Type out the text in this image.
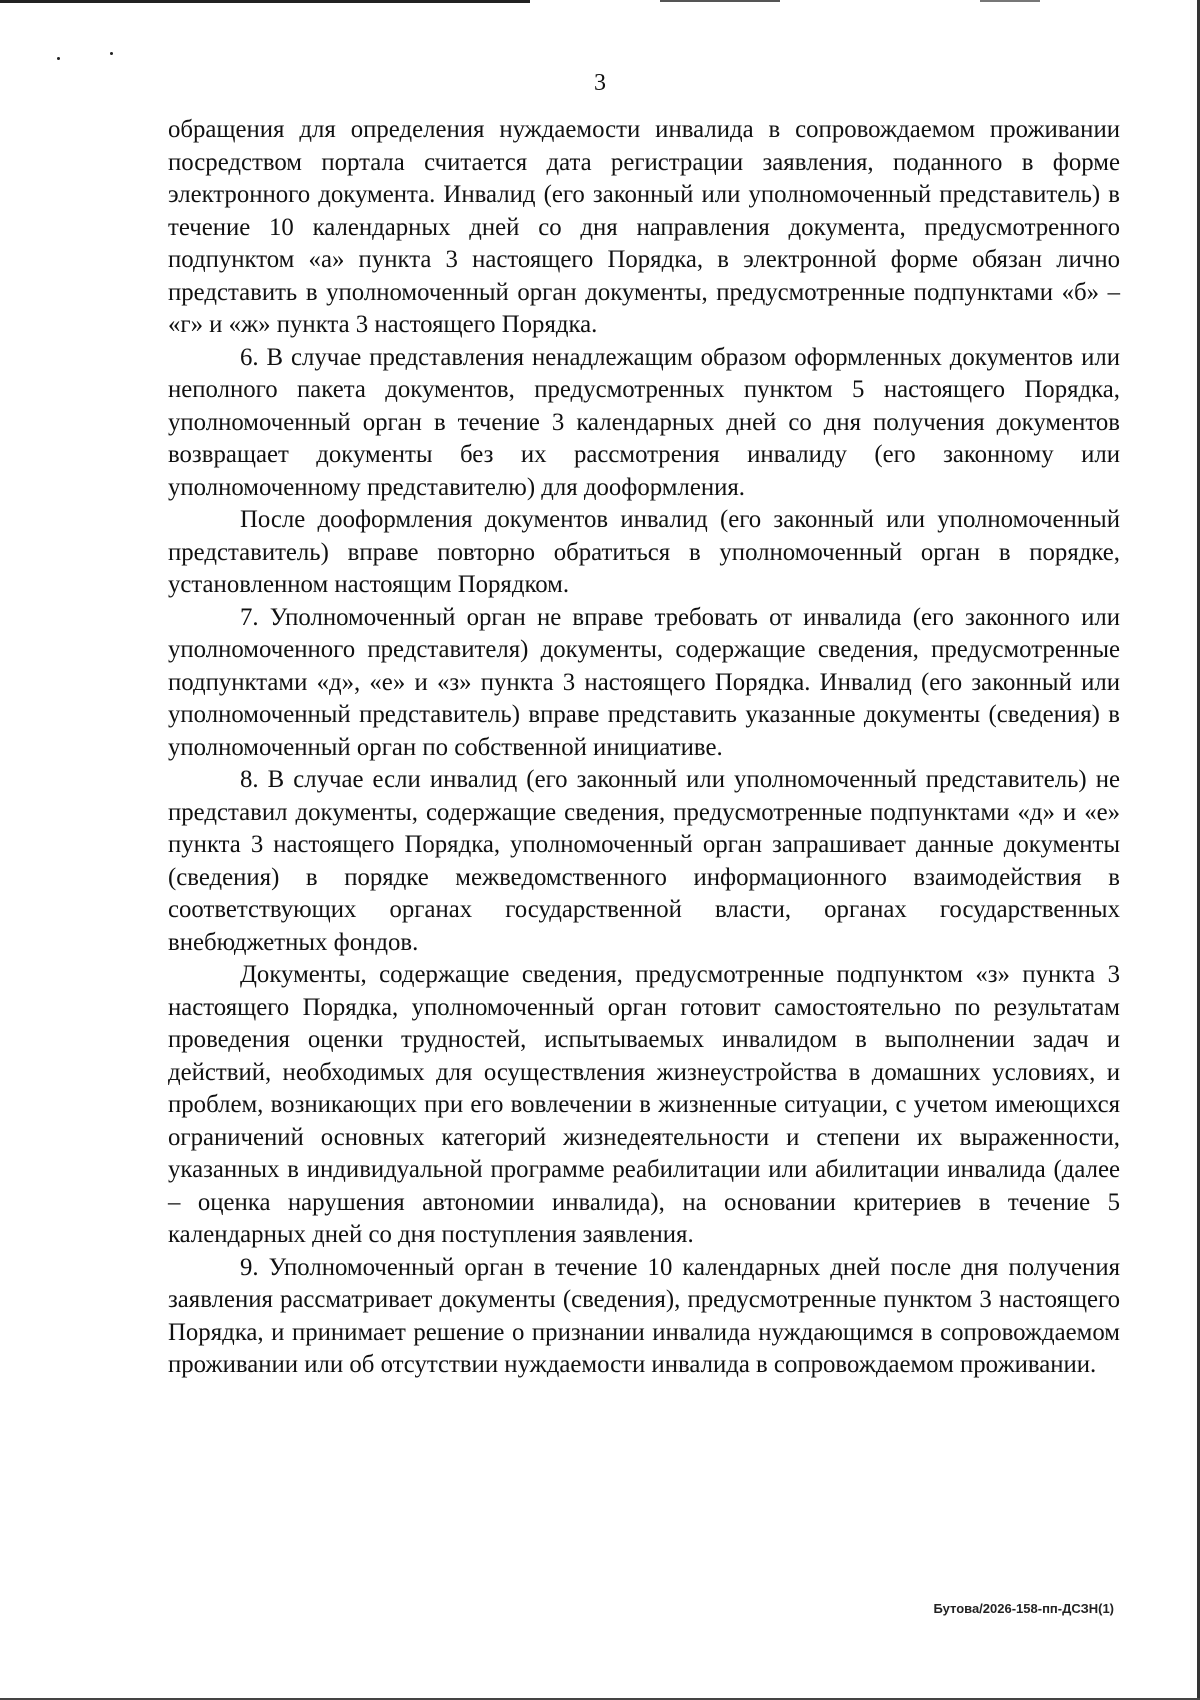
3

обращения для определения нуждаемости инвалида в сопровождаемом проживании посредством портала считается дата регистрации заявления, поданного в форме электронного документа. Инвалид (его законный или уполномоченный представитель) в течение 10 календарных дней со дня направления документа, предусмотренного подпунктом «а» пункта 3 настоящего Порядка, в электронной форме обязан лично представить в уполномоченный орган документы, предусмотренные подпунктами «б» – «г» и «ж» пункта 3 настоящего Порядка.

6. В случае представления ненадлежащим образом оформленных документов или неполного пакета документов, предусмотренных пунктом 5 настоящего Порядка, уполномоченный орган в течение 3 календарных дней со дня получения документов возвращает документы без их рассмотрения инвалиду (его законному или уполномоченному представителю) для дооформления.

После дооформления документов инвалид (его законный или уполномоченный представитель) вправе повторно обратиться в уполномоченный орган в порядке, установленном настоящим Порядком.

7. Уполномоченный орган не вправе требовать от инвалида (его законного или уполномоченного представителя) документы, содержащие сведения, предусмотренные подпунктами «д», «е» и «з» пункта 3 настоящего Порядка. Инвалид (его законный или уполномоченный представитель) вправе представить указанные документы (сведения) в уполномоченный орган по собственной инициативе.

8. В случае если инвалид (его законный или уполномоченный представитель) не представил документы, содержащие сведения, предусмотренные подпунктами «д» и «е» пункта 3 настоящего Порядка, уполномоченный орган запрашивает данные документы (сведения) в порядке межведомственного информационного взаимодействия в соответствующих органах государственной власти, органах государственных внебюджетных фондов.

Документы, содержащие сведения, предусмотренные подпунктом «з» пункта 3 настоящего Порядка, уполномоченный орган готовит самостоятельно по результатам проведения оценки трудностей, испытываемых инвалидом в выполнении задач и действий, необходимых для осуществления жизнеустройства в домашних условиях, и проблем, возникающих при его вовлечении в жизненные ситуации, с учетом имеющихся ограничений основных категорий жизнедеятельности и степени их выраженности, указанных в индивидуальной программе реабилитации или абилитации инвалида (далее – оценка нарушения автономии инвалида), на основании критериев в течение 5 календарных дней со дня поступления заявления.

9. Уполномоченный орган в течение 10 календарных дней после дня получения заявления рассматривает документы (сведения), предусмотренные пунктом 3 настоящего Порядка, и принимает решение о признании инвалида нуждающимся в сопровождаемом проживании или об отсутствии нуждаемости инвалида в сопровождаемом проживании.

Бутова/2026-158-пп-ДСЗН(1)
